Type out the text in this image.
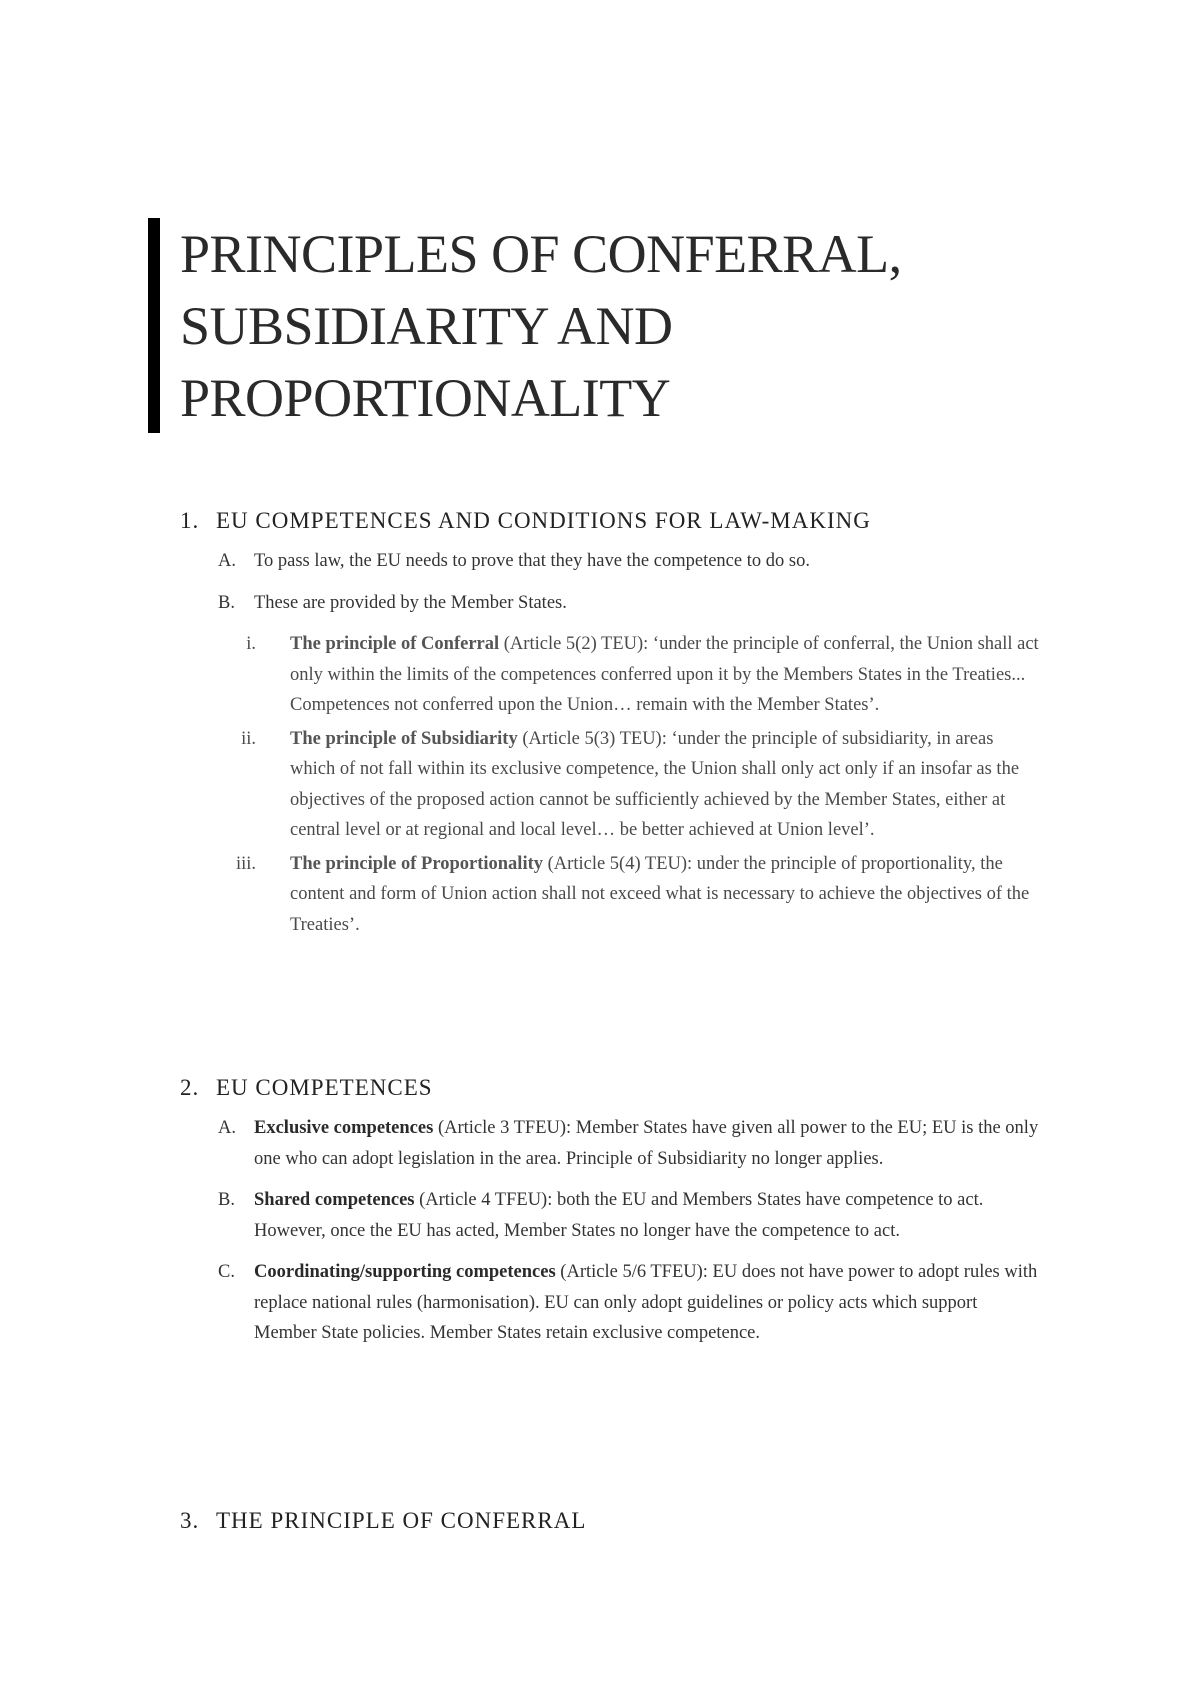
PRINCIPLES OF CONFERRAL,
SUBSIDIARITY AND
PROPORTIONALITY
1. EU COMPETENCES AND CONDITIONS FOR LAW-MAKING
A. To pass law, the EU needs to prove that they have the competence to do so.
B. These are provided by the Member States.
i. The principle of Conferral (Article 5(2) TEU): ‘under the principle of conferral, the Union shall act only within the limits of the competences conferred upon it by the Members States in the Treaties... Competences not conferred upon the Union… remain with the Member States’.
ii. The principle of Subsidiarity (Article 5(3) TEU): ‘under the principle of subsidiarity, in areas which of not fall within its exclusive competence, the Union shall only act only if an insofar as the objectives of the proposed action cannot be sufficiently achieved by the Member States, either at central level or at regional and local level… be better achieved at Union level’.
iii. The principle of Proportionality (Article 5(4) TEU): under the principle of proportionality, the content and form of Union action shall not exceed what is necessary to achieve the objectives of the Treaties’.
2. EU COMPETENCES
A. Exclusive competences (Article 3 TFEU): Member States have given all power to the EU; EU is the only one who can adopt legislation in the area. Principle of Subsidiarity no longer applies.
B. Shared competences (Article 4 TFEU): both the EU and Members States have competence to act. However, once the EU has acted, Member States no longer have the competence to act.
C. Coordinating/supporting competences (Article 5/6 TFEU): EU does not have power to adopt rules with replace national rules (harmonisation). EU can only adopt guidelines or policy acts which support Member State policies. Member States retain exclusive competence.
3. THE PRINCIPLE OF CONFERRAL
